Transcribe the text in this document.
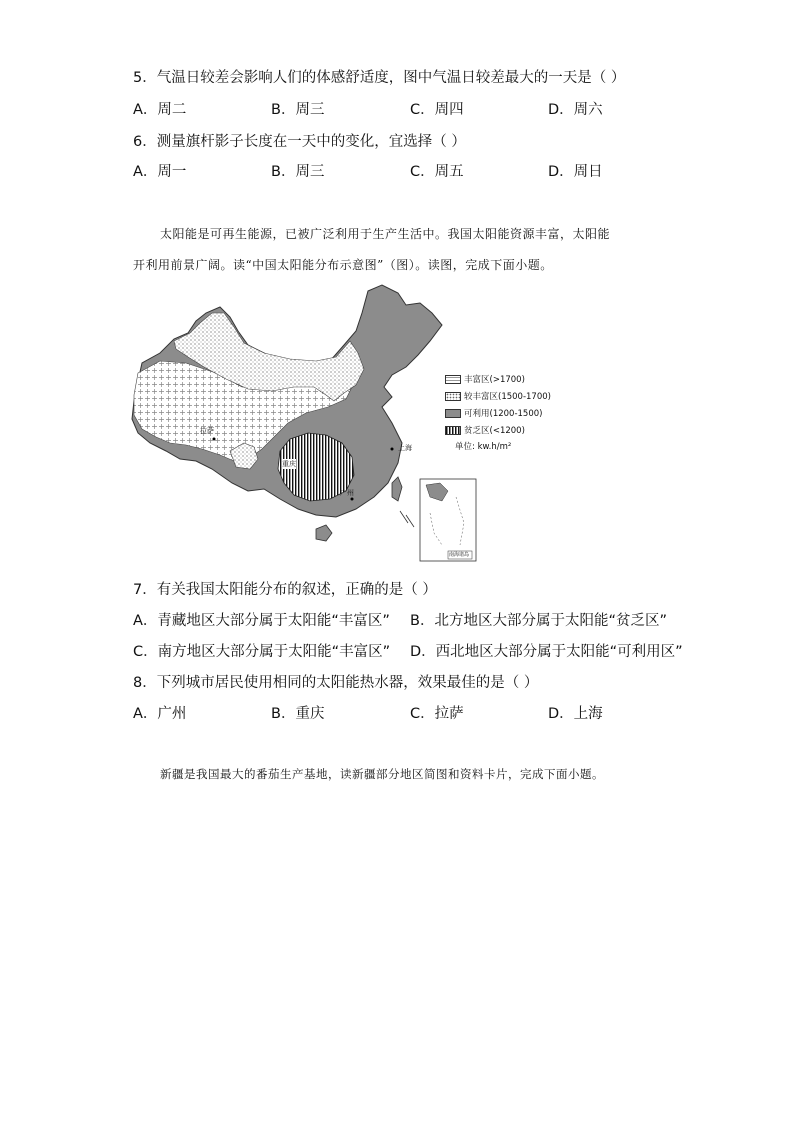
5．气温日较差会影响人们的体感舒适度，图中气温日较差最大的一天是（ ）
A．周二	B．周三	C．周四	D．周六
6．测量旗杆影子长度在一天中的变化，宜选择（ ）
A．周一	B．周三	C．周五	D．周日
太阳能是可再生能源，已被广泛利用于生产生活中。我国太阳能资源丰富，太阳能
开利用前景广阔。读“中国太阳能分布示意图”（图）。读图，完成下面小题。
拉萨
重庆
上海
广州
南海诸岛
丰富区(>1700)
较丰富区(1500-1700)
可利用(1200-1500)
贫乏区(<1200)
单位: kw.h/m²
7．有关我国太阳能分布的叙述，正确的是（ ）
A．青藏地区大部分属于太阳能“丰富区” B．北方地区大部分属于太阳能“贫乏区”
C．南方地区大部分属于太阳能“丰富区” D．西北地区大部分属于太阳能“可利用区”
8．下列城市居民使用相同的太阳能热水器，效果最佳的是（ ）
A．广州	B．重庆	C．拉萨	D．上海
新疆是我国最大的番茄生产基地，读新疆部分地区简图和资料卡片，完成下面小题。
